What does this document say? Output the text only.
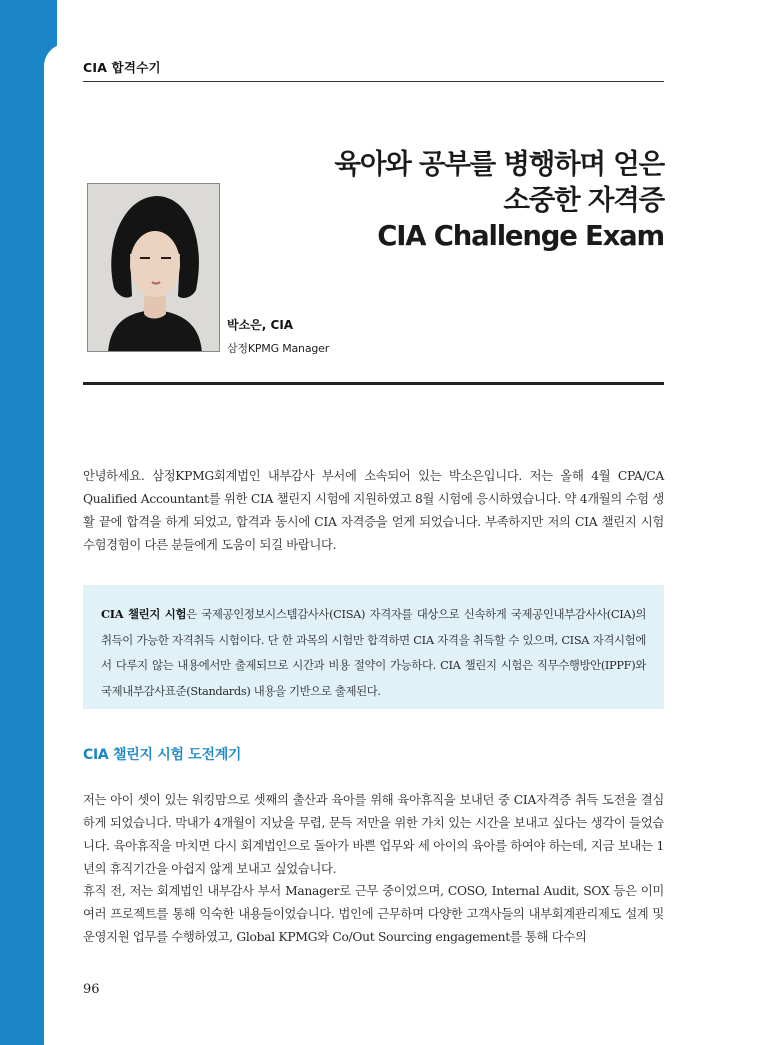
CIA 합격수기
육아와 공부를 병행하며 얻은
소중한 자격증
CIA Challenge Exam
박소은, CIA
삼정KPMG Manager
안녕하세요. 삼정KPMG회계법인 내부감사 부서에 소속되어 있는 박소은입니다. 저는 올해 4월 CPA/CA Qualified Accountant를 위한 CIA 챌린지 시험에 지원하였고 8월 시험에 응시하였습니다. 약 4개월의 수험 생활 끝에 합격을 하게 되었고, 합격과 동시에 CIA 자격증을 얻게 되었습니다. 부족하지만 저의 CIA 챌린지 시험 수험경험이 다른 분들에게 도움이 되길 바랍니다.
CIA 챌린지 시험은 국제공인정보시스템감사사(CISA) 자격자를 대상으로 신속하게 국제공인내부감사사(CIA)의 취득이 가능한 자격취득 시험이다. 단 한 과목의 시험만 합격하면 CIA 자격을 취득할 수 있으며, CISA 자격시험에서 다루지 않는 내용에서만 출제되므로 시간과 비용 절약이 가능하다. CIA 챌린지 시험은 직무수행방안(IPPF)와 국제내부감사표준(Standards) 내용을 기반으로 출제된다.
CIA 챌린지 시험 도전계기
저는 아이 셋이 있는 워킹맘으로 셋째의 출산과 육아를 위해 육아휴직을 보내던 중 CIA자격증 취득 도전을 결심하게 되었습니다. 막내가 4개월이 지났을 무렵, 문득 저만을 위한 가치 있는 시간을 보내고 싶다는 생각이 들었습니다. 육아휴직을 마치면 다시 회계법인으로 돌아가 바쁜 업무와 세 아이의 육아를 하여야 하는데, 지금 보내는 1년의 휴직기간을 아쉽지 않게 보내고 싶었습니다.
휴직 전, 저는 회계법인 내부감사 부서 Manager로 근무 중이었으며, COSO, Internal Audit, SOX 등은 이미 여러 프로젝트를 통해 익숙한 내용들이었습니다. 법인에 근무하며 다양한 고객사들의 내부회계관리제도 설계 및 운영지원 업무를 수행하였고, Global KPMG와 Co/Out Sourcing engagement를 통해 다수의
96
